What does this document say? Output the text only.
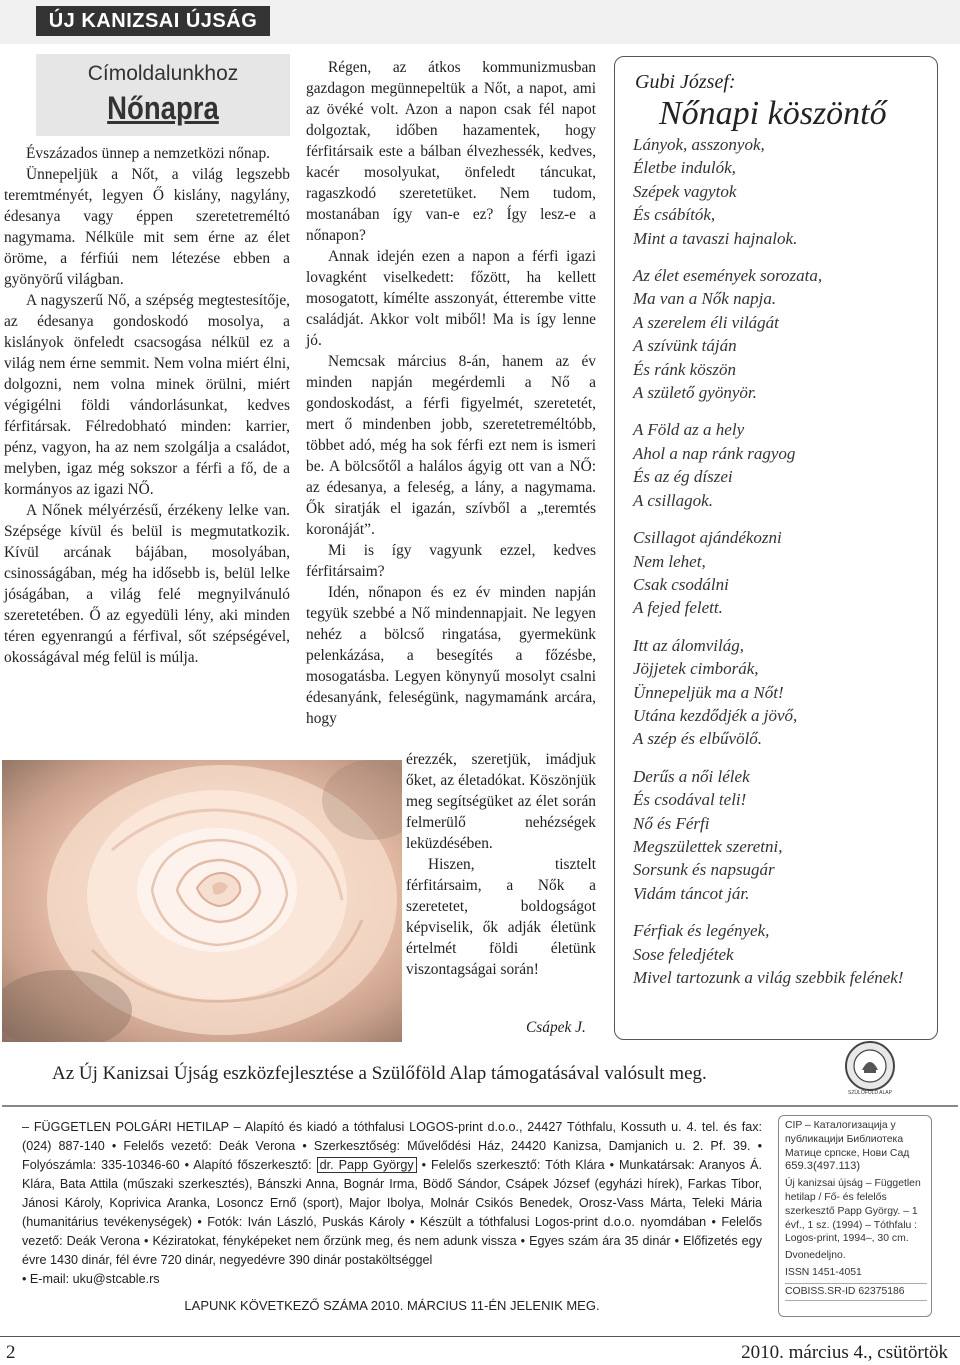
ÚJ KANIZSAI ÚJSÁG
Címoldalunkhoz
Nőnapra

Évszázados ünnep a nemzetközi nőnap.

Ünnepeljük a Nőt, a világ legszebb teremtményét, legyen Ő kislány, nagylány, édesanya vagy éppen szeretetreméltó nagymama. Nélküle mit sem érne az élet öröme, a férfiúi nem létezése ebben a gyönyörű világban.

A nagyszerű Nő, a szépség megtestesítője, az édesanya gondoskodó mosolya, a kislányok önfeledt csacsogása nélkül ez a világ nem érne semmit. Nem volna miért élni, dolgozni, nem volna minek örülni, miért végigélni földi vándorlásunkat, kedves férfitársak. Félredobható minden: karrier, pénz, vagyon, ha az nem szolgálja a családot, melyben, igaz még sokszor a férfi a fő, de a kormányos az igazi NŐ.

A Nőnek mélyérzésű, érzékeny lelke van. Szépsége kívül és belül is megmutatkozik. Kívül arcának bájában, mosolyában, csinosságában, még ha idősebb is, belül lelke jóságában, a világ felé megnyilvánuló szeretetében. Ő az egyedüli lény, aki minden téren egyenrangú a férfival, sőt szépségével, okosságával még felül is múlja.

Régen, az átkos kommunizmusban gazdagon megünnepeltük a Nőt, a napot, ami az övéké volt. Azon a napon csak fél napot dolgoztak, időben hazamentek, hogy férfitársaik este a bálban élvezhessék, kedves, kacér mosolyukat, önfeledt táncukat, ragaszkodó szeretetüket. Nem tudom, mostanában így van-e ez? Így lesz-e a nőnapon?

Annak idején ezen a napon a férfi igazi lovagként viselkedett: főzött, ha kellett mosogatott, kímélte asszonyát, étterembe vitte családját. Akkor volt miből! Ma is így lenne jó.

Nemcsak március 8-án, hanem az év minden napján megérdemli a Nő a gondoskodást, a férfi figyelmét, szeretetét, mert ő mindenben jobb, szeretetreméltóbb, többet adó, még ha sok férfi ezt nem is ismeri be. A bölcsőtől a halálos ágyig ott van a NŐ: az édesanya, a feleség, a lány, a nagymama. Ők siratják el igazán, szívből a „teremtés koronáját”.

Mi is így vagyunk ezzel, kedves férfitársaim?

Idén, nőnapon és ez év minden napján tegyük szebbé a Nő mindennapjait. Ne legyen nehéz a bölcső ringatása, gyermekünk pelenkázása, a besegítés a főzésbe, mosogatásba. Legyen könynyű mosolyt csalni édesanyánk, feleségünk, nagymamánk arcára, hogy

érezzék, szeretjük, imádjuk őket, az életadókat. Köszönjük meg segítségüket az élet során felmerülő nehézségek leküzdésében.

Hiszen, tisztelt férfitársaim, a Nők a szeretetet, boldogságot képviselik, ők adják életünk értelmét földi életünk viszontagságai során!

Csápek J.
Gubi József:
Nőnapi köszöntő
Lányok, asszonyok,
Életbe indulók,
Szépek vagytok
És csábítók,
Mint a tavaszi hajnalok.
Az élet események sorozata,
Ma van a Nők napja.
A szerelem éli világát
A szívünk táján
És ránk köszön
A születő gyönyör.
A Föld az a hely
Ahol a nap ránk ragyog
És az ég díszei
A csillagok.
Csillagot ajándékozni
Nem lehet,
Csak csodálni
A fejed felett.
Itt az álomvilág,
Jöjjetek cimborák,
Ünnepeljük ma a Nőt!
Utána kezdődjék a jövő,
A szép és elbűvölő.
Derűs a női lélek
És csodával teli!
Nő és Férfi
Megszülettek szeretni,
Sorsunk és napsugár
Vidám táncot jár.
Férfiak és legények,
Sose feledjétek
Mivel tartozunk a világ szebbik felének!
Az Új Kanizsai Újság eszközfejlesztése a Szülőföld Alap támogatásával valósult meg.
SZÜLŐFÖLD ALAP
– FÜGGETLEN POLGÁRI HETILAP – Alapító és kiadó a tóthfalusi LOGOS-print d.o.o., 24427 Tóthfalu, Kossuth u. 4. tel. és fax: (024) 887-140 • Felelős vezető: Deák Verona • Szerkesztőség: Művelődési Ház, 24420 Kanizsa, Damjanich u. 2. Pf. 39. • Folyószámla: 335-10346-60 • Alapító főszerkesztő: dr. Papp György • Felelős szerkesztő: Tóth Klára • Munkatársak: Aranyos Á. Klára, Bata Attila (műszaki szerkesztés), Bánszki Anna, Bognár Irma, Bödő Sándor, Csápek József (egyházi hírek), Farkas Tibor, Jánosi Károly, Koprivica Aranka, Losoncz Ernő (sport), Major Ibolya, Molnár Csikós Benedek, Orosz-Vass Márta, Teleki Mária (humanitárius tevékenységek) • Fotók: Iván László, Puskás Károly • Készült a tóthfalusi Logos-print d.o.o. nyomdában • Felelős vezető: Deák Verona • Kéziratokat, fényképeket nem őrzünk meg, és nem adunk vissza • Egyes szám ára 35 dinár • Előfizetés egy évre 1430 dinár, fél évre 720 dinár, negyedévre 390 dinár postaköltséggel
• E-mail: uku@stcable.rs
LAPUNK KÖVETKEZŐ SZÁMA 2010. MÁRCIUS 11-ÉN JELENIK MEG.
CIP – Каталогизација у публикацији Библиотека Матице српске, Нови Сад
659.3(497.113)
Új kanizsai újság – Független hetilap / Fő- és felelős szerkesztő Papp György. – 1 évf., 1 sz. (1994) – Tóthfalu : Logos-print, 1994–, 30 cm.
Dvonedeljno.
ISSN 1451-4051
COBISS.SR-ID 62375186
2	2010. március 4., csütörtök
